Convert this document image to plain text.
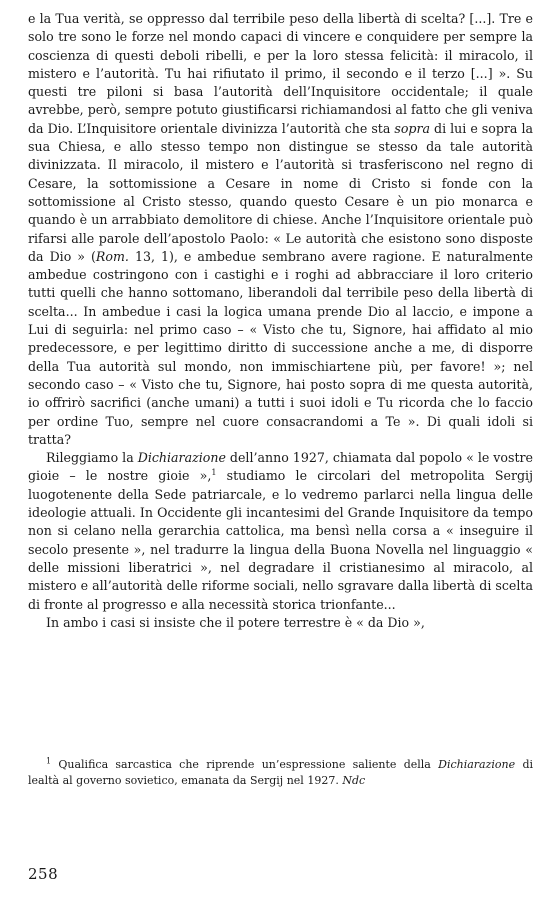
e la Tua verità, se oppresso dal terribile peso della libertà di scelta? [...]. Tre e solo tre sono le forze nel mondo capaci di vincere e conquidere per sempre la coscienza di questi deboli ribelli, e per la loro stessa felicità: il miracolo, il mistero e l’autorità. Tu hai rifiutato il primo, il secondo e il terzo [...] ». Su questi tre piloni si basa l’autorità dell’Inquisitore occidentale; il quale avrebbe, però, sempre potuto giustificarsi richiamandosi al fatto che gli veniva da Dio. L’Inquisitore orientale divinizza l’autorità che sta sopra di lui e sopra la sua Chiesa, e allo stesso tempo non distingue se stesso da tale autorità divinizzata. Il miracolo, il mistero e l’autorità si trasferiscono nel regno di Cesare, la sottomissione a Cesare in nome di Cristo si fonde con la sottomissione al Cristo stesso, quando questo Cesare è un pio monarca e quando è un arrabbiato demolitore di chiese. Anche l’Inquisitore orientale può rifarsi alle parole dell’apostolo Paolo: « Le autorità che esistono sono disposte da Dio » (Rom. 13, 1), e ambedue sembrano avere ragione. E naturalmente ambedue costringono con i castighi e i roghi ad abbracciare il loro criterio tutti quelli che hanno sottomano, liberandoli dal terribile peso della libertà di scelta... In ambedue i casi la logica umana prende Dio al laccio, e impone a Lui di seguirla: nel primo caso – « Visto che tu, Signore, hai affidato al mio predecessore, e per legittimo diritto di successione anche a me, di disporre della Tua autorità sul mondo, non immischiartene più, per favore! »; nel secondo caso – « Visto che tu, Signore, hai posto sopra di me questa autorità, io offrirò sacrifici (anche umani) a tutti i suoi idoli e Tu ricorda che lo faccio per ordine Tuo, sempre nel cuore consacrandomi a Te ». Di quali idoli si tratta?

Rileggiamo la Dichiarazione dell’anno 1927, chiamata dal popolo « le vostre gioie – le nostre gioie »,$^1$ studiamo le circolari del metropolita Sergij luogotenente della Sede patriarcale, e lo vedremo parlarci nella lingua delle ideologie attuali. In Occidente gli incantesimi del Grande Inquisitore da tempo non si celano nella gerarchia cattolica, ma bensì nella corsa a « inseguire il secolo presente », nel tradurre la lingua della Buona Novella nel linguaggio « delle missioni liberatrici », nel degradare il cristianesimo al miracolo, al mistero e all’autorità delle riforme sociali, nello sgravare dalla libertà di scelta di fronte al progresso e alla necessità storica trionfante...

In ambo i casi si insiste che il potere terrestre è « da Dio »,

$^1$ Qualifica sarcastica che riprende un’espressione saliente della Dichiarazione di lealtà al governo sovietico, emanata da Sergij nel 1927. Ndc

258
